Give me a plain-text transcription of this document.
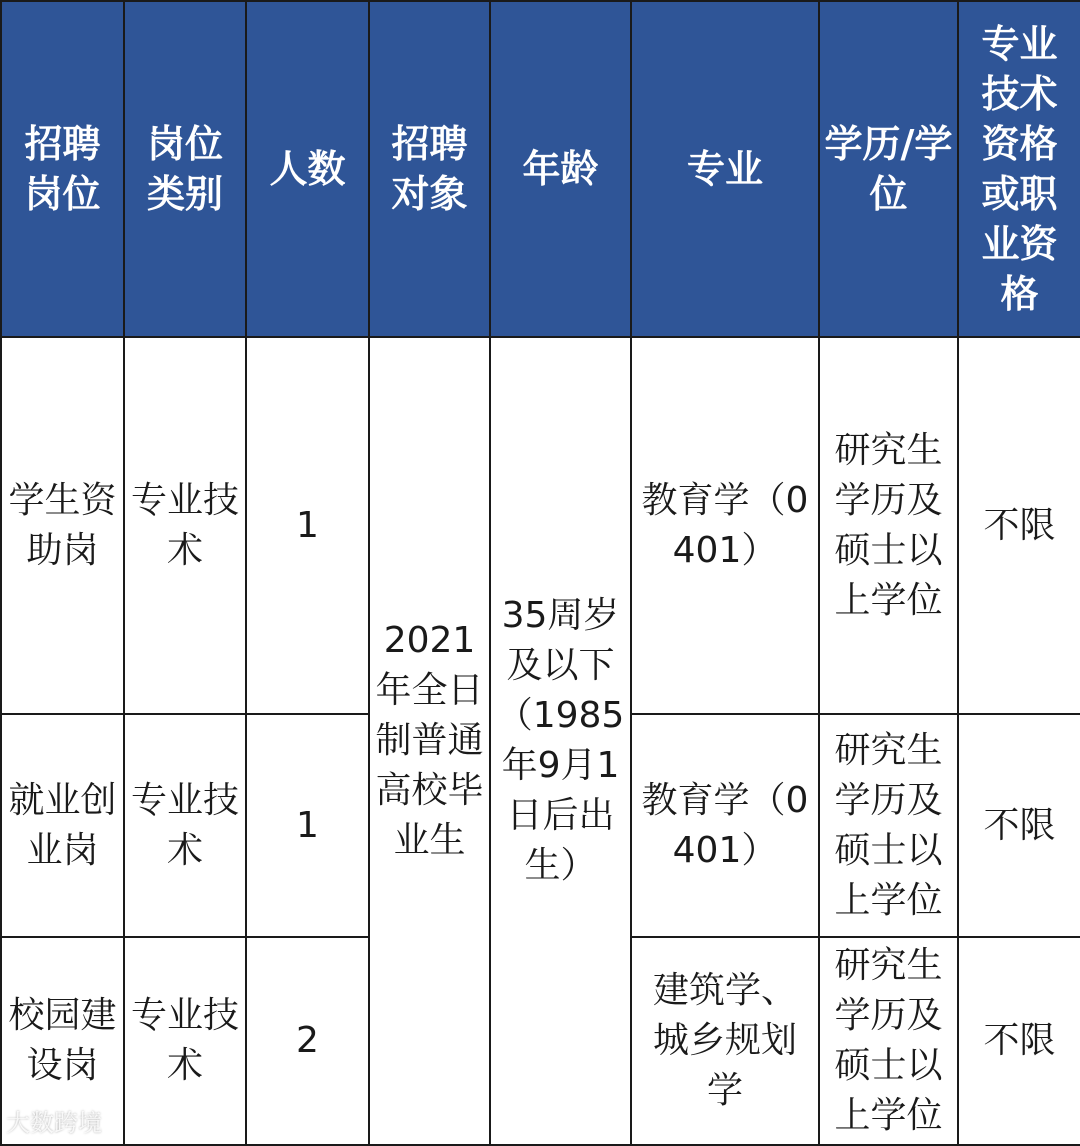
招聘岗位	岗位类别	人数	招聘对象	年龄	专业	学历/学位	专业技术资格或职业资格
学生资助岗	专业技术	1	2021年全日制普通高校毕业生	35周岁及以下（1985年9月1日后出生）	教育学（0401）	研究生学历及硕士以上学位	不限
就业创业岗	专业技术	1			教育学（0401）	研究生学历及硕士以上学位	不限
校园建设岗	专业技术	2			建筑学、城乡规划学	研究生学历及硕士以上学位	不限
大数跨境
